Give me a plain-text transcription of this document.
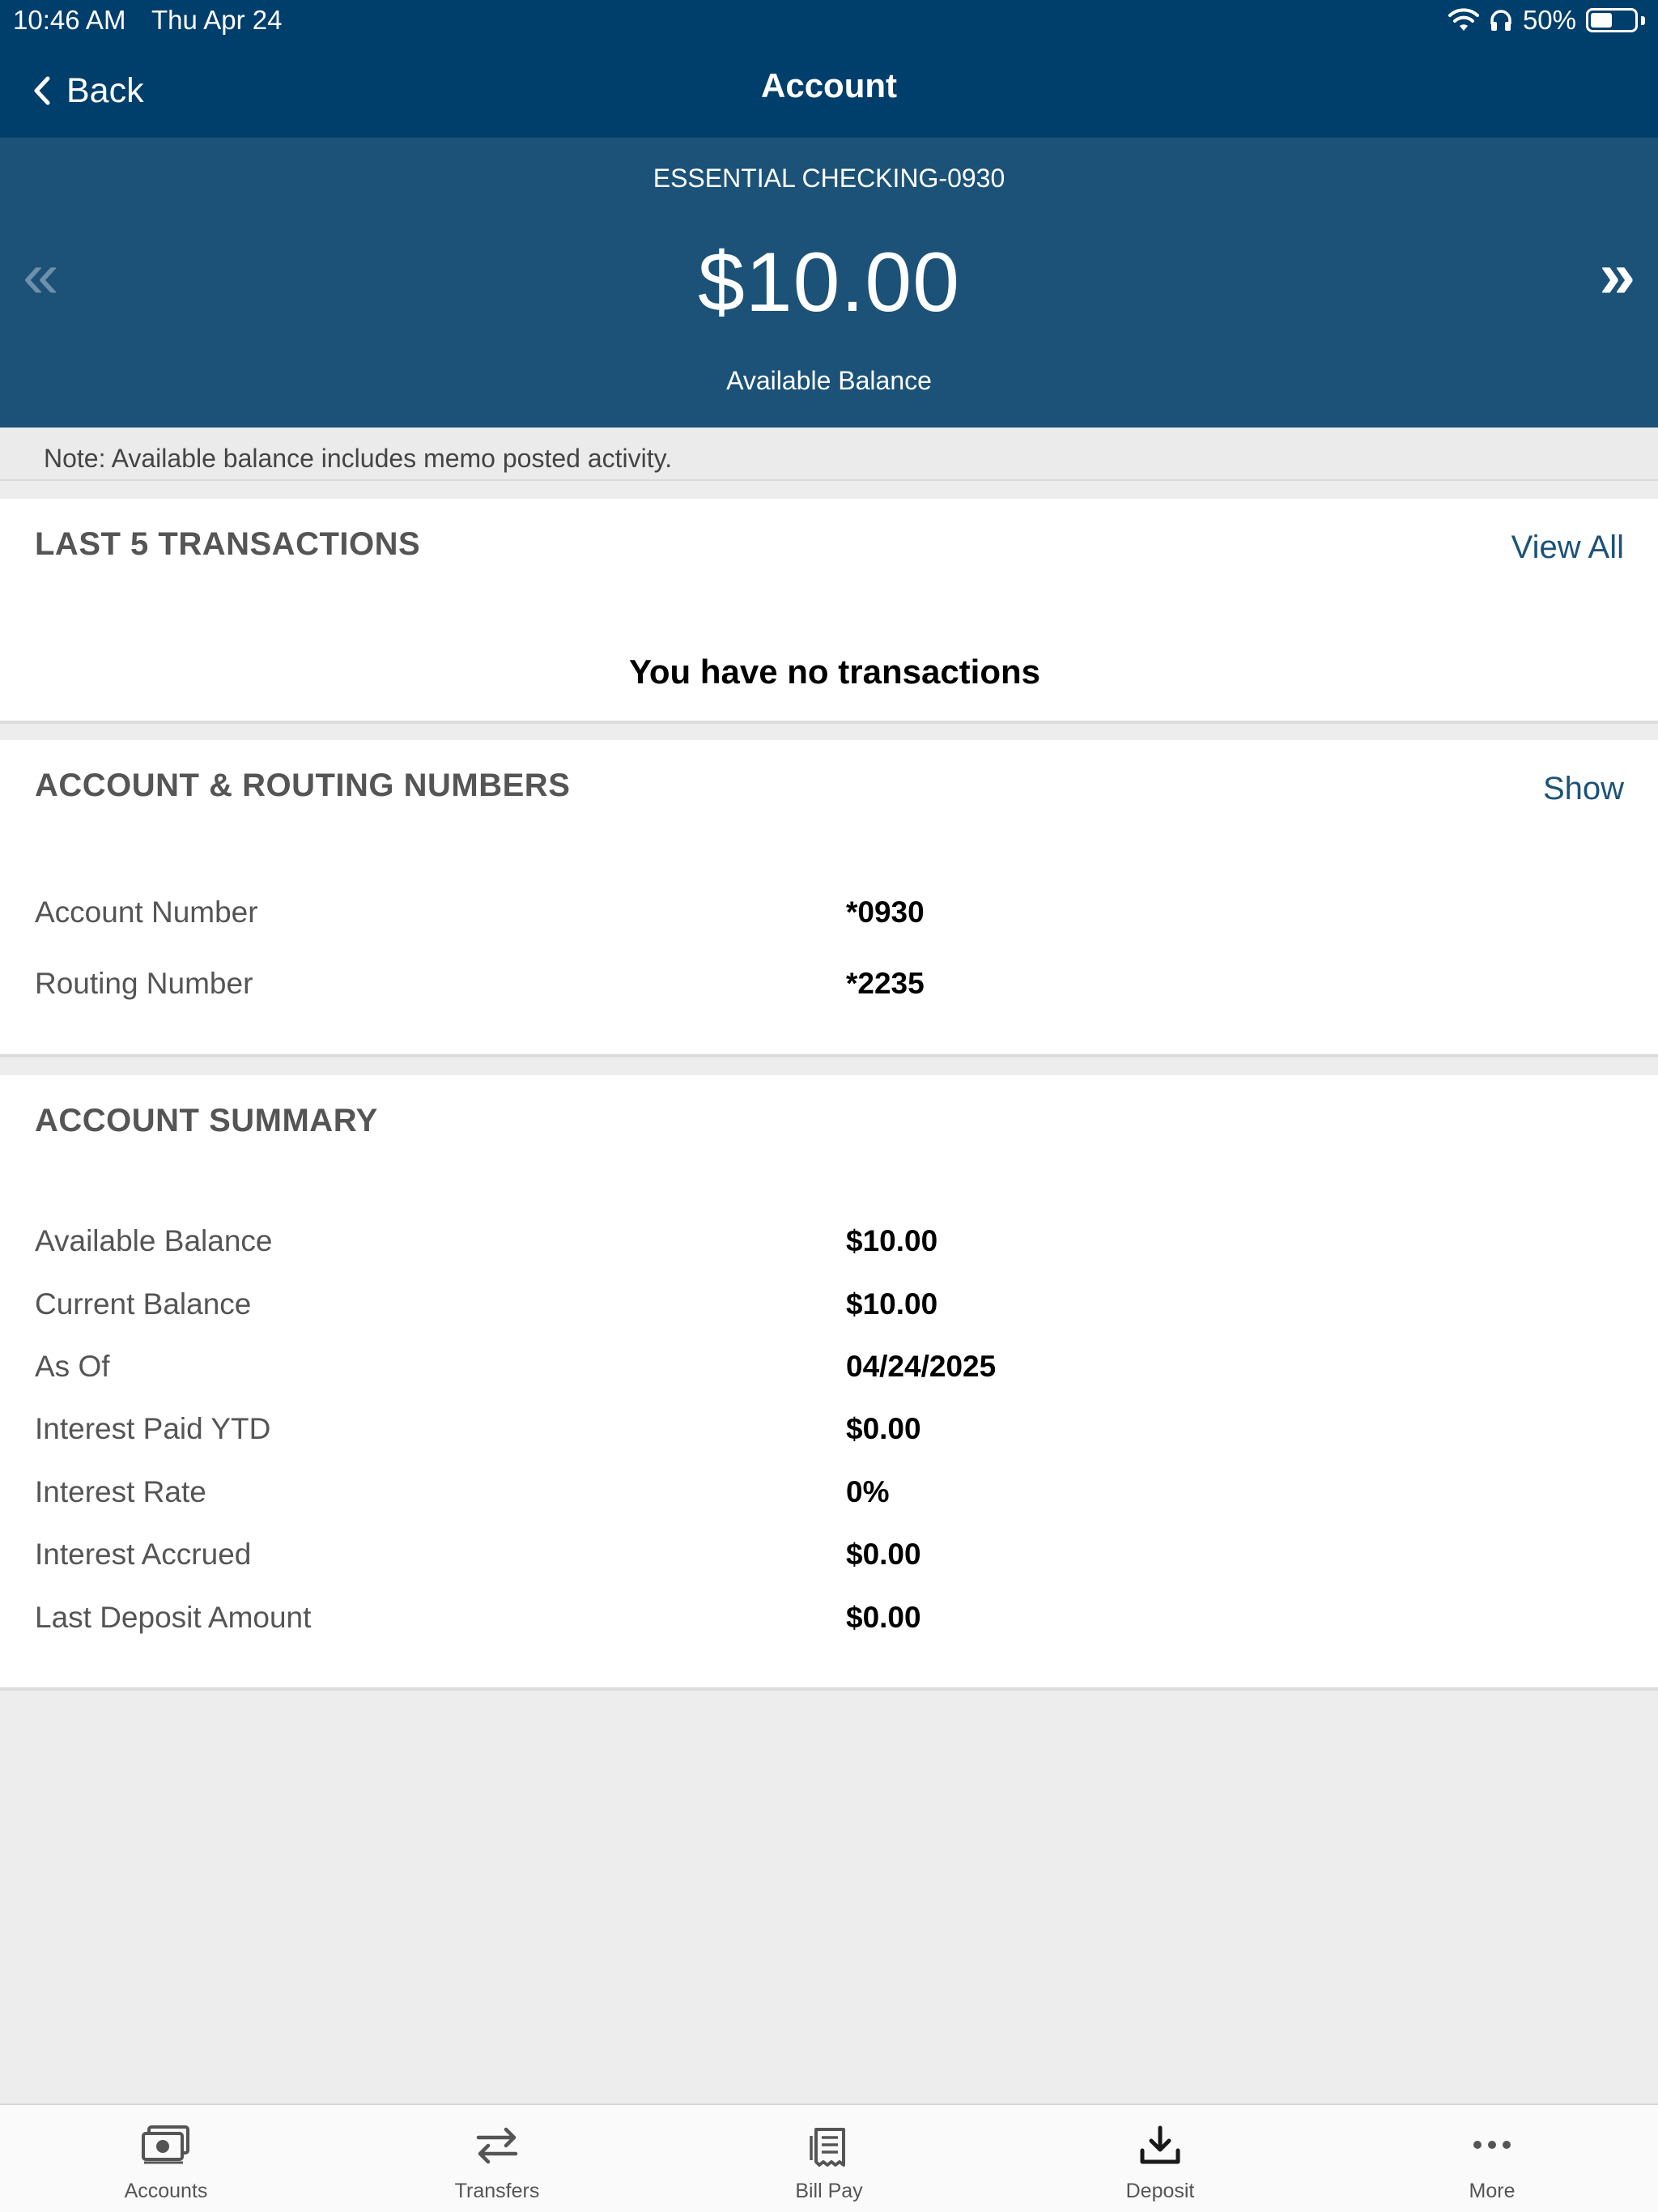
10:46 AM Thu Apr 24	50%
Back	Account
«
ESSENTIAL CHECKING-0930
$10.00
Available Balance
»
Note: Available balance includes memo posted activity.
LAST 5 TRANSACTIONS	View All
You have no transactions
ACCOUNT & ROUTING NUMBERS	Show
Account Number	*0930
Routing Number	*2235
ACCOUNT SUMMARY
Available Balance	$10.00
Current Balance	$10.00
As Of	04/24/2025
Interest Paid YTD	$0.00
Interest Rate	0%
Interest Accrued	$0.00
Last Deposit Amount	$0.00
Accounts	Transfers	Bill Pay	Deposit	More
